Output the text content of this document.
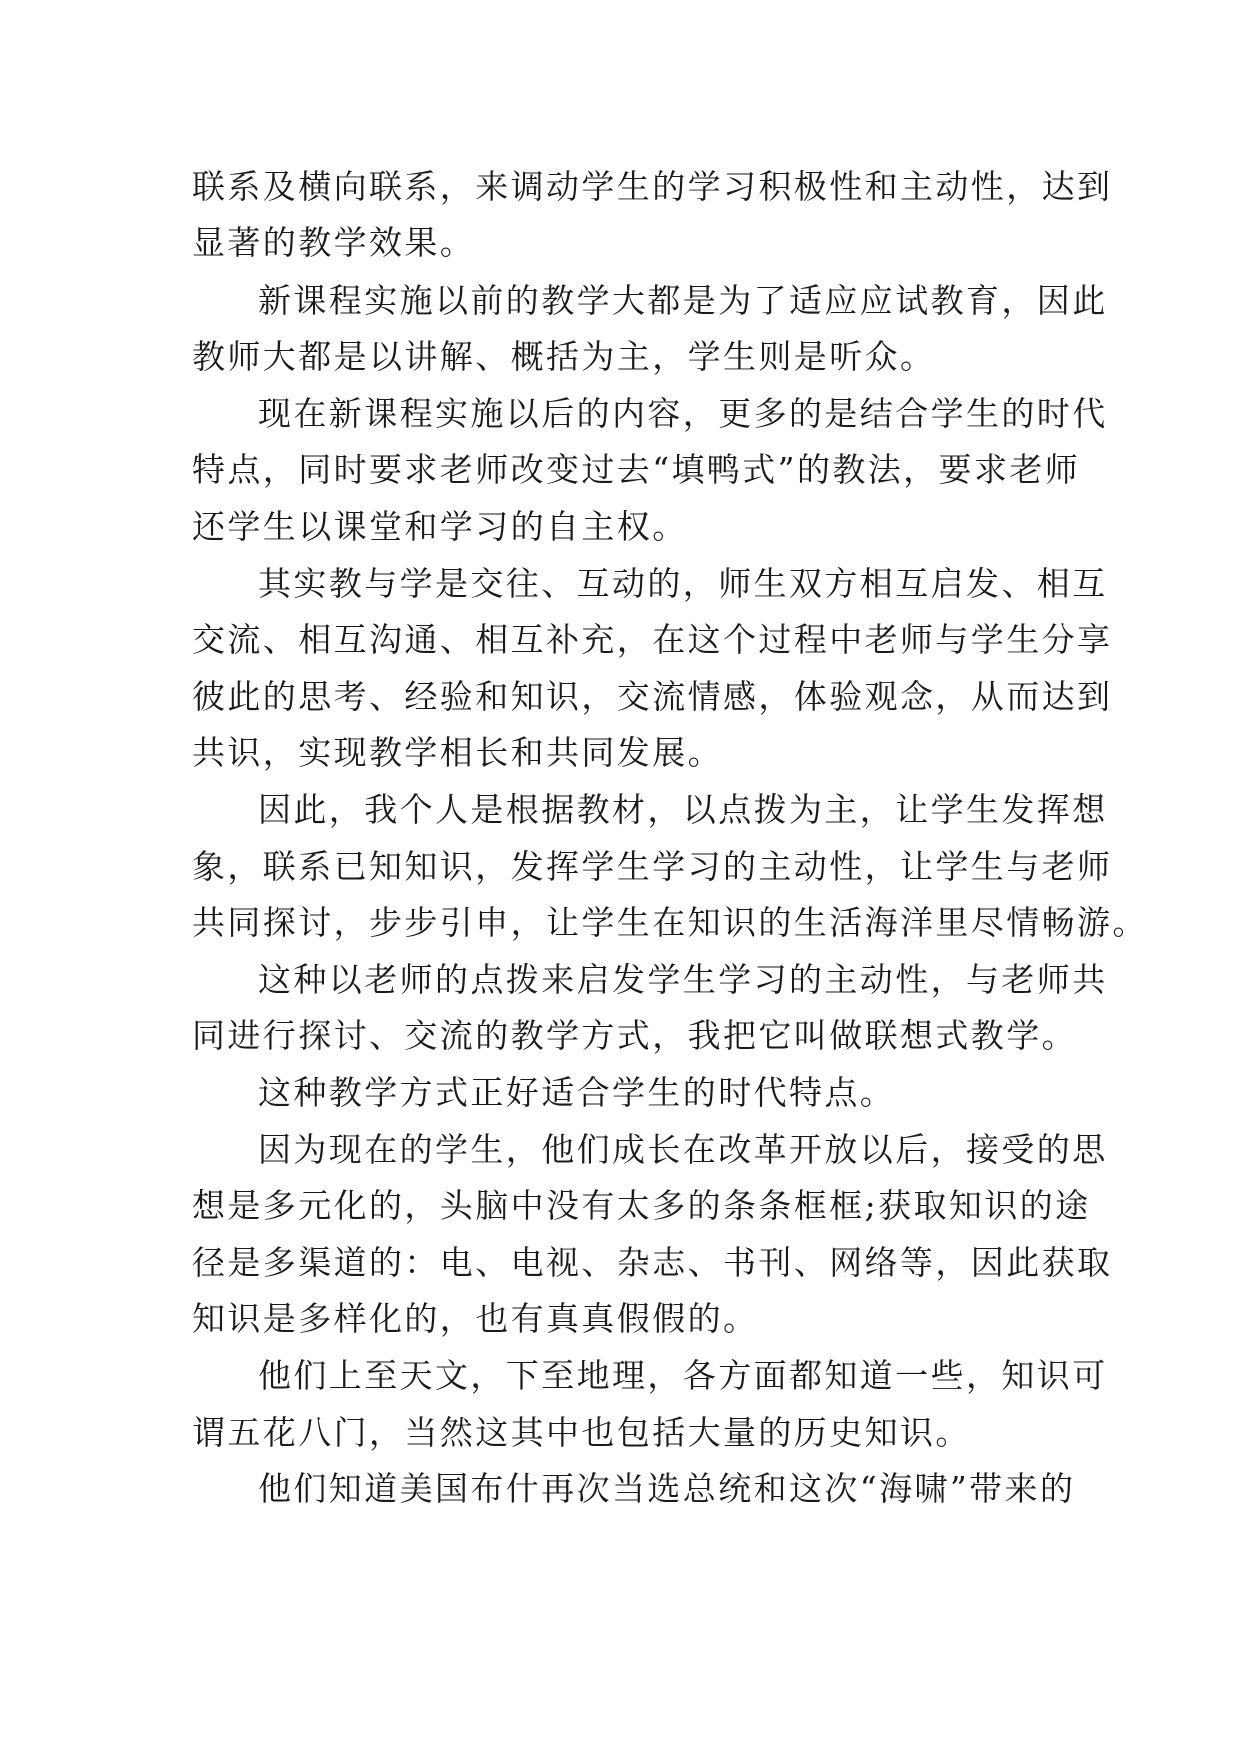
联系及横向联系，来调动学生的学习积极性和主动性，达到
显著的教学效果。
新课程实施以前的教学大都是为了适应应试教育，因此
教师大都是以讲解、概括为主，学生则是听众。
现在新课程实施以后的内容，更多的是结合学生的时代
特点，同时要求老师改变过去“填鸭式”的教法，要求老师
还学生以课堂和学习的自主权。
其实教与学是交往、互动的，师生双方相互启发、相互
交流、相互沟通、相互补充，在这个过程中老师与学生分享
彼此的思考、经验和知识，交流情感，体验观念，从而达到
共识，实现教学相长和共同发展。
因此，我个人是根据教材，以点拨为主，让学生发挥想
象，联系已知知识，发挥学生学习的主动性，让学生与老师
共同探讨，步步引申，让学生在知识的生活海洋里尽情畅游。
这种以老师的点拨来启发学生学习的主动性，与老师共
同进行探讨、交流的教学方式，我把它叫做联想式教学。
这种教学方式正好适合学生的时代特点。
因为现在的学生，他们成长在改革开放以后，接受的思
想是多元化的，头脑中没有太多的条条框框;获取知识的途
径是多渠道的：电、电视、杂志、书刊、网络等，因此获取
知识是多样化的，也有真真假假的。
他们上至天文，下至地理，各方面都知道一些，知识可
谓五花八门，当然这其中也包括大量的历史知识。
他们知道美国布什再次当选总统和这次“海啸”带来的
